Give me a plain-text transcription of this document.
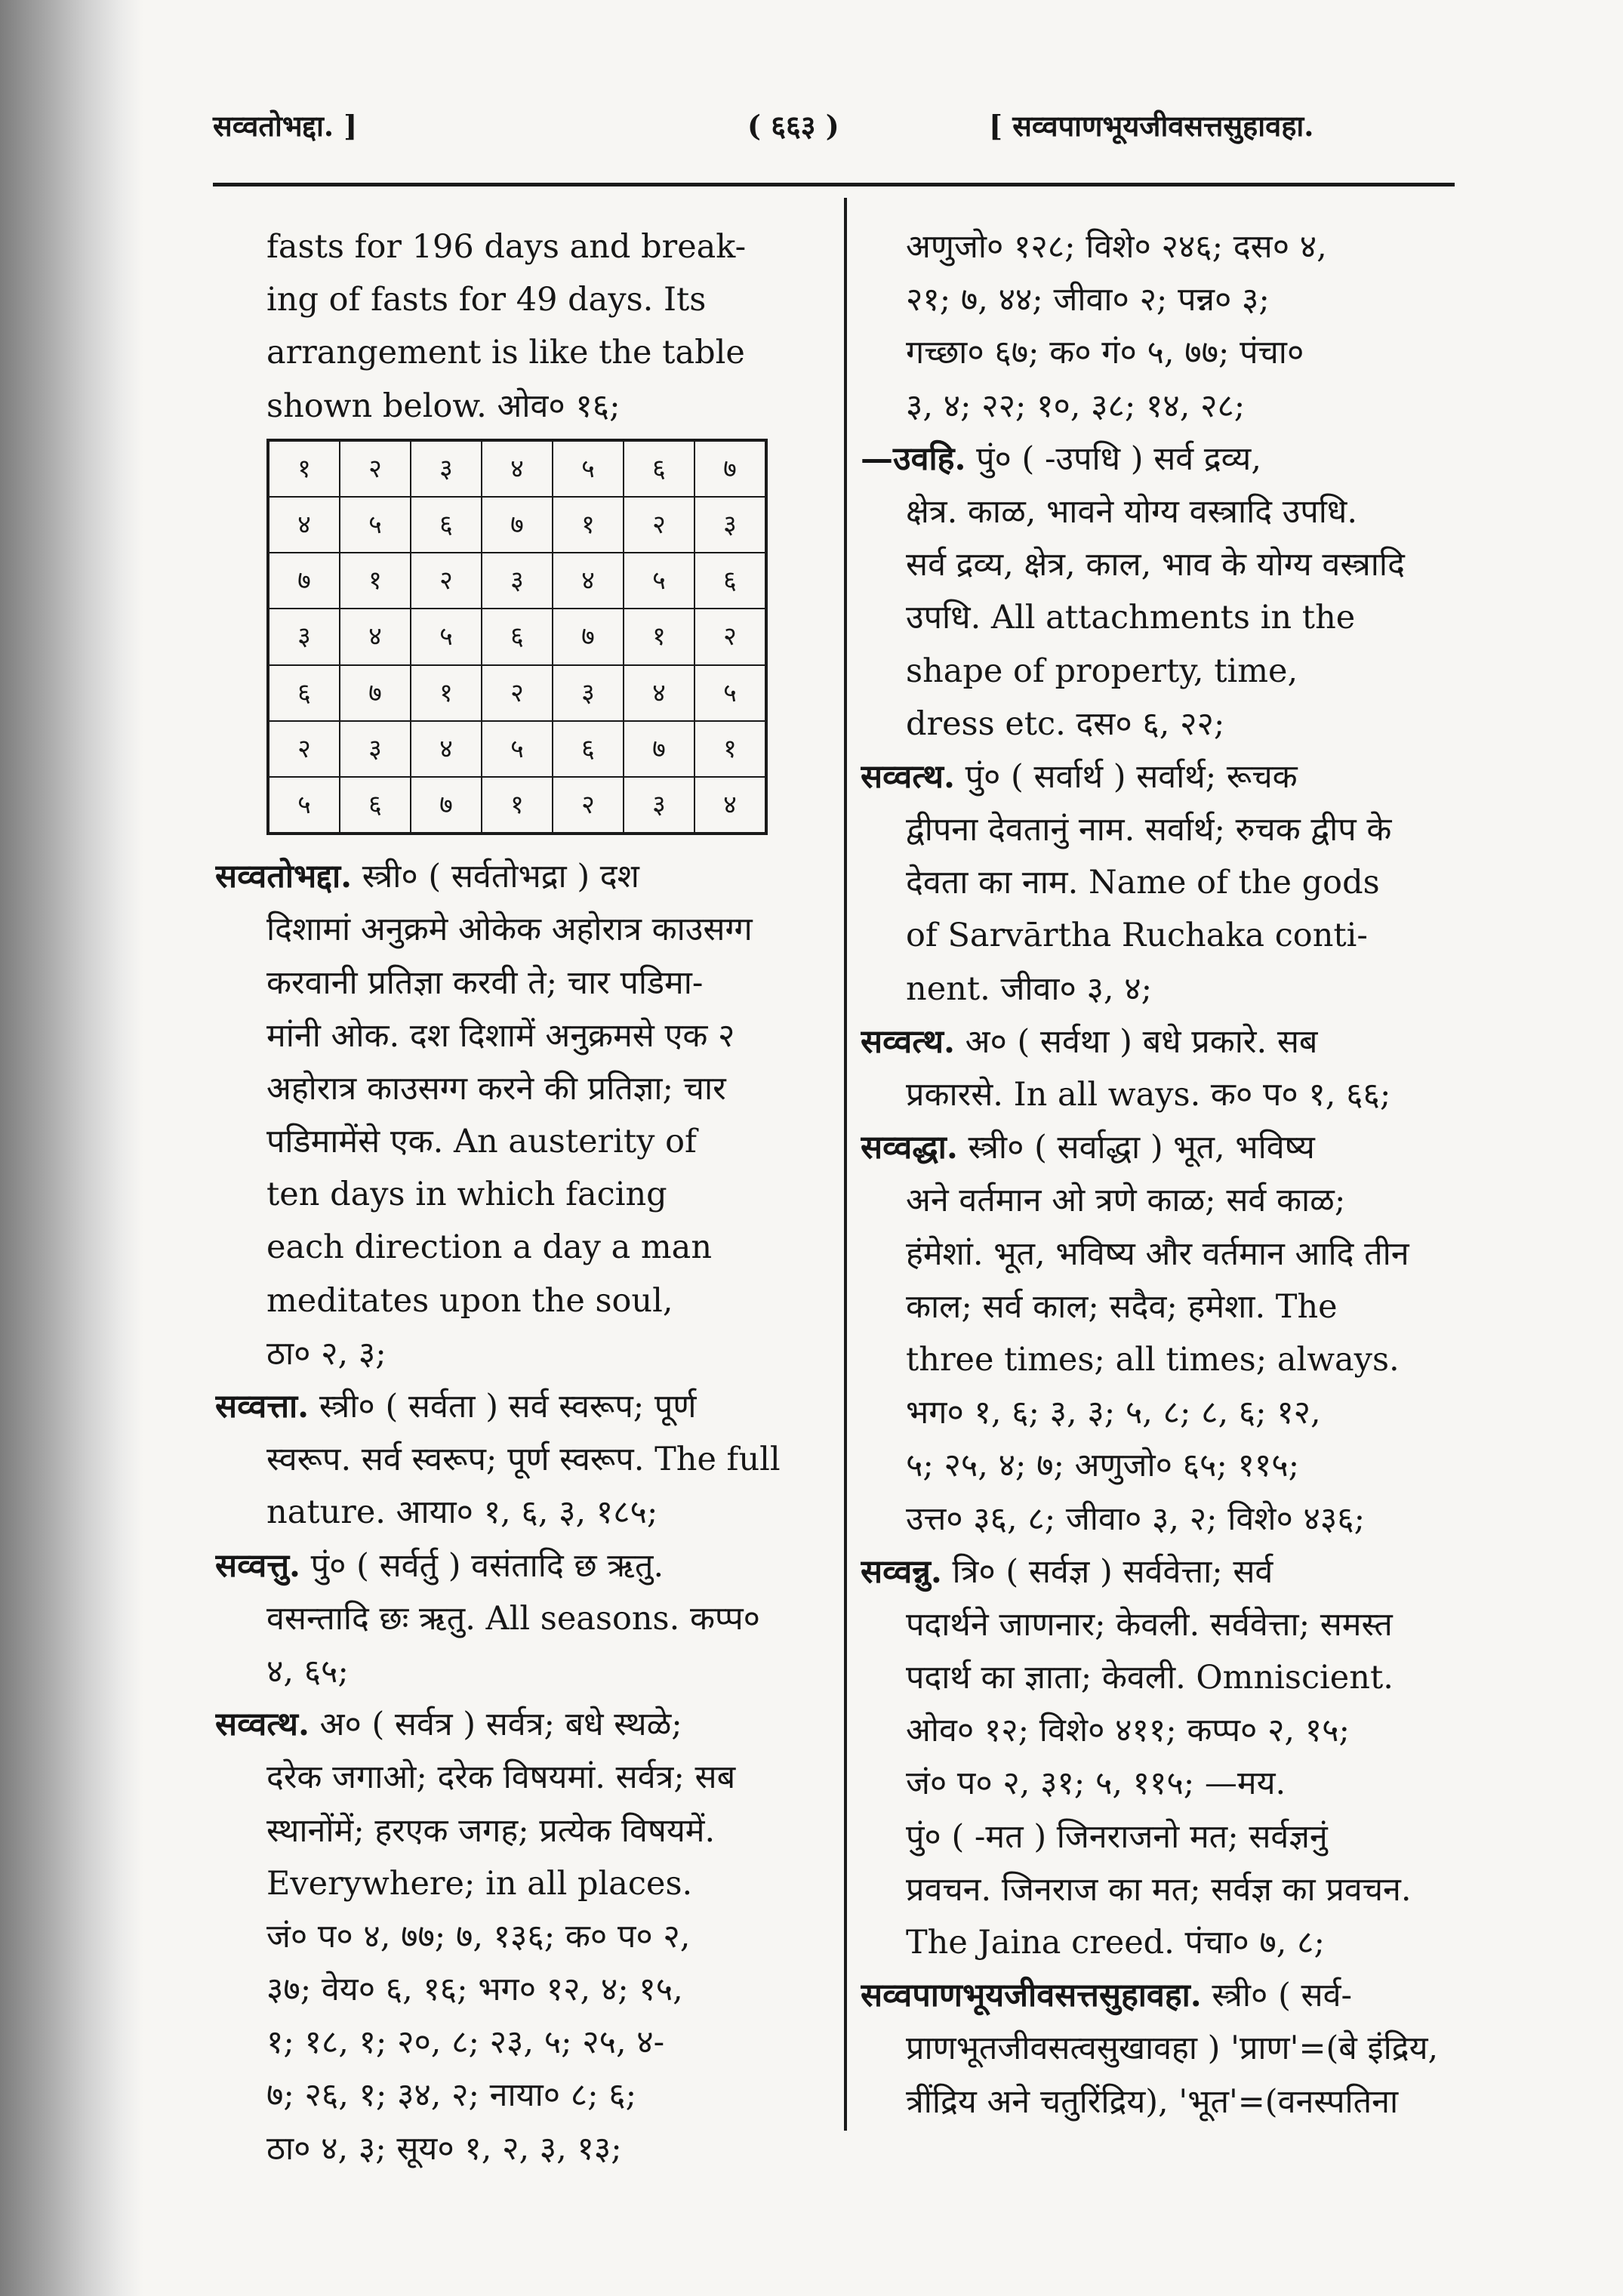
सव्वतोभद्दा. ]	( ६६३ )	[ सव्वपाणभूयजीवसत्तसुहावहा.
fasts for 196 days and break-
ing of fasts for 49 days. Its
arrangement is like the table
shown below. ओव० १६;
१	२	३	४	५	६	७
४	५	६	७	१	२	३
७	१	२	३	४	५	६
३	४	५	६	७	१	२
६	७	१	२	३	४	५
२	३	४	५	६	७	१
५	६	७	१	२	३	४
सव्वतोभद्दा. स्त्री० ( सर्वतोभद्रा ) दश
दिशामां अनुक्रमे ओकेक अहोरात्र काउसग्ग
करवानी प्रतिज्ञा करवी ते; चार पडिमा-
मांनी ओक. दश दिशामें अनुक्रमसे एक २
अहोरात्र काउसग्ग करने की प्रतिज्ञा; चार
पडिमामेंसे एक. An austerity of
ten days in which facing
each direction a day a man
meditates upon the soul,
ठा० २, ३;
सव्वत्ता. स्त्री० ( सर्वता ) सर्व स्वरूप; पूर्ण
स्वरूप. सर्व स्वरूप; पूर्ण स्वरूप. The full
nature. आया० १, ६, ३, १८५;
सव्वत्तु. पुं० ( सर्वर्तु ) वसंतादि छ ऋतु.
वसन्तादि छः ऋतु. All seasons. कप्प०
४, ६५;
सव्वत्थ. अ० ( सर्वत्र ) सर्वत्र; बधे स्थळे;
दरेक जगाओ; दरेक विषयमां. सर्वत्र; सब
स्थानोंमें; हरएक जगह; प्रत्येक विषयमें.
Everywhere; in all places.
जं० प० ४, ७७; ७, १३६; क० प० २,
३७; वेय० ६, १६; भग० १२, ४; १५,
१; १८, १; २०, ८; २३, ५; २५, ४-
७; २६, १; ३४, २; नाया० ८; ६;
ठा० ४, ३; सूय० १, २, ३, १३;
अणुजो० १२८; विशे० २४६; दस० ४,
२१; ७, ४४; जीवा० २; पन्न० ३;
गच्छा० ६७; क० गं० ५, ७७; पंचा०
३, ४; २२; १०, ३८; १४, २८;
—उवहि. पुं० ( -उपधि ) सर्व द्रव्य,
क्षेत्र. काळ, भावने योग्य वस्त्रादि उपधि.
सर्व द्रव्य, क्षेत्र, काल, भाव के योग्य वस्त्रादि
उपधि. All attachments in the
shape of property, time,
dress etc. दस० ६, २२;
सव्वत्थ. पुं० ( सर्वार्थ ) सर्वार्थ; रूचक
द्वीपना देवतानुं नाम. सर्वार्थ; रुचक द्वीप के
देवता का नाम. Name of the gods
of Sarvārtha Ruchaka conti-
nent. जीवा० ३, ४;
सव्वत्थ. अ० ( सर्वथा ) बधे प्रकारे. सब
प्रकारसे. In all ways. क० प० १, ६६;
सव्वद्धा. स्त्री० ( सर्वाद्धा ) भूत, भविष्य
अने वर्तमान ओ त्रणे काळ; सर्व काळ;
हंमेशां. भूत, भविष्य और वर्तमान आदि तीन
काल; सर्व काल; सदैव; हमेशा. The
three times; all times; always.
भग० १, ६; ३, ३; ५, ८; ८, ६; १२,
५; २५, ४; ७; अणुजो० ६५; ११५;
उत्त० ३६, ८; जीवा० ३, २; विशे० ४३६;
सव्वन्नु. त्रि० ( सर्वज्ञ ) सर्ववेत्ता; सर्व
पदार्थने जाणनार; केवली. सर्ववेत्ता; समस्त
पदार्थ का ज्ञाता; केवली. Omniscient.
ओव० १२; विशे० ४११; कप्प० २, १५;
जं० प० २, ३१; ५, ११५; —मय.
पुं० ( -मत ) जिनराजनो मत; सर्वज्ञनुं
प्रवचन. जिनराज का मत; सर्वज्ञ का प्रवचन.
The Jaina creed. पंचा० ७, ८;
सव्वपाणभूयजीवसत्तसुहावहा. स्त्री० ( सर्व-
प्राणभूतजीवसत्वसुखावहा ) 'प्राण'=(बे इंद्रिय,
त्रींद्रिय अने चतुरिंद्रिय), 'भूत'=(वनस्पतिना
